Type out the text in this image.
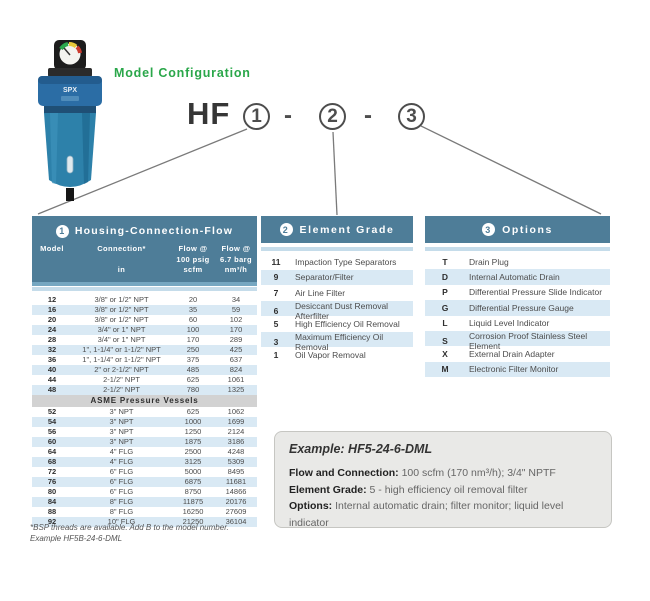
SPX
Model Configuration
HF	1 -	2	-	3
1 Housing-Connection-Flow
Model	Connection*
in
Flow @
100 psig
scfm
Flow @
6.7 barg
nm³/h
12	3/8" or 1/2" NPT	20	34
16	3/8" or 1/2" NPT	35	59
20	3/8" or 1/2" NPT	60	102
24	3/4" or 1" NPT	100	170
28	3/4" or 1" NPT	170	289
32	1", 1-1/4" or 1-1/2" NPT	250	425
36	1", 1-1/4" or 1-1/2" NPT	375	637
40	2" or 2-1/2" NPT	485	824
44	2-1/2" NPT	625	1061
48	2-1/2" NPT	780	1325
ASME Pressure Vessels
52	3" NPT	625	1062
54	3" NPT	1000	1699
56	3" NPT	1250	2124
60	3" NPT	1875	3186
64	4" FLG	2500	4248
68	4" FLG	3125	5309
72	6" FLG	5000	8495
76	6" FLG	6875	11681
80	6" FLG	8750	14866
84	8" FLG	11875	20176
88	8" FLG	16250	27609
92	10" FLG	21250	36104
2 Element Grade
11	Impaction Type Separators
9	Separator/Filter
7	Air Line Filter
6	Desiccant Dust Removal Afterfilter
5	High Efficiency Oil Removal
3	Maximum Efficiency Oil Removal
1	Oil Vapor Removal
3 Options
T	Drain Plug
D	Internal Automatic Drain
P	Differential Pressure Slide Indicator
G	Differential Pressure Gauge
L	Liquid Level Indicator
S	Corrosion Proof Stainless Steel Element
X	External Drain Adapter
M	Electronic Filter Monitor
*BSP threads are available. Add B to the model number.
Example HF5B-24-6-DML
Example: HF5-24-6-DML
Flow and Connection: 100 scfm (170 nm³/h); 3/4" NPTF
Element Grade: 5 - high efficiency oil removal filter
Options: Internal automatic drain; filter monitor; liquid level indicator
